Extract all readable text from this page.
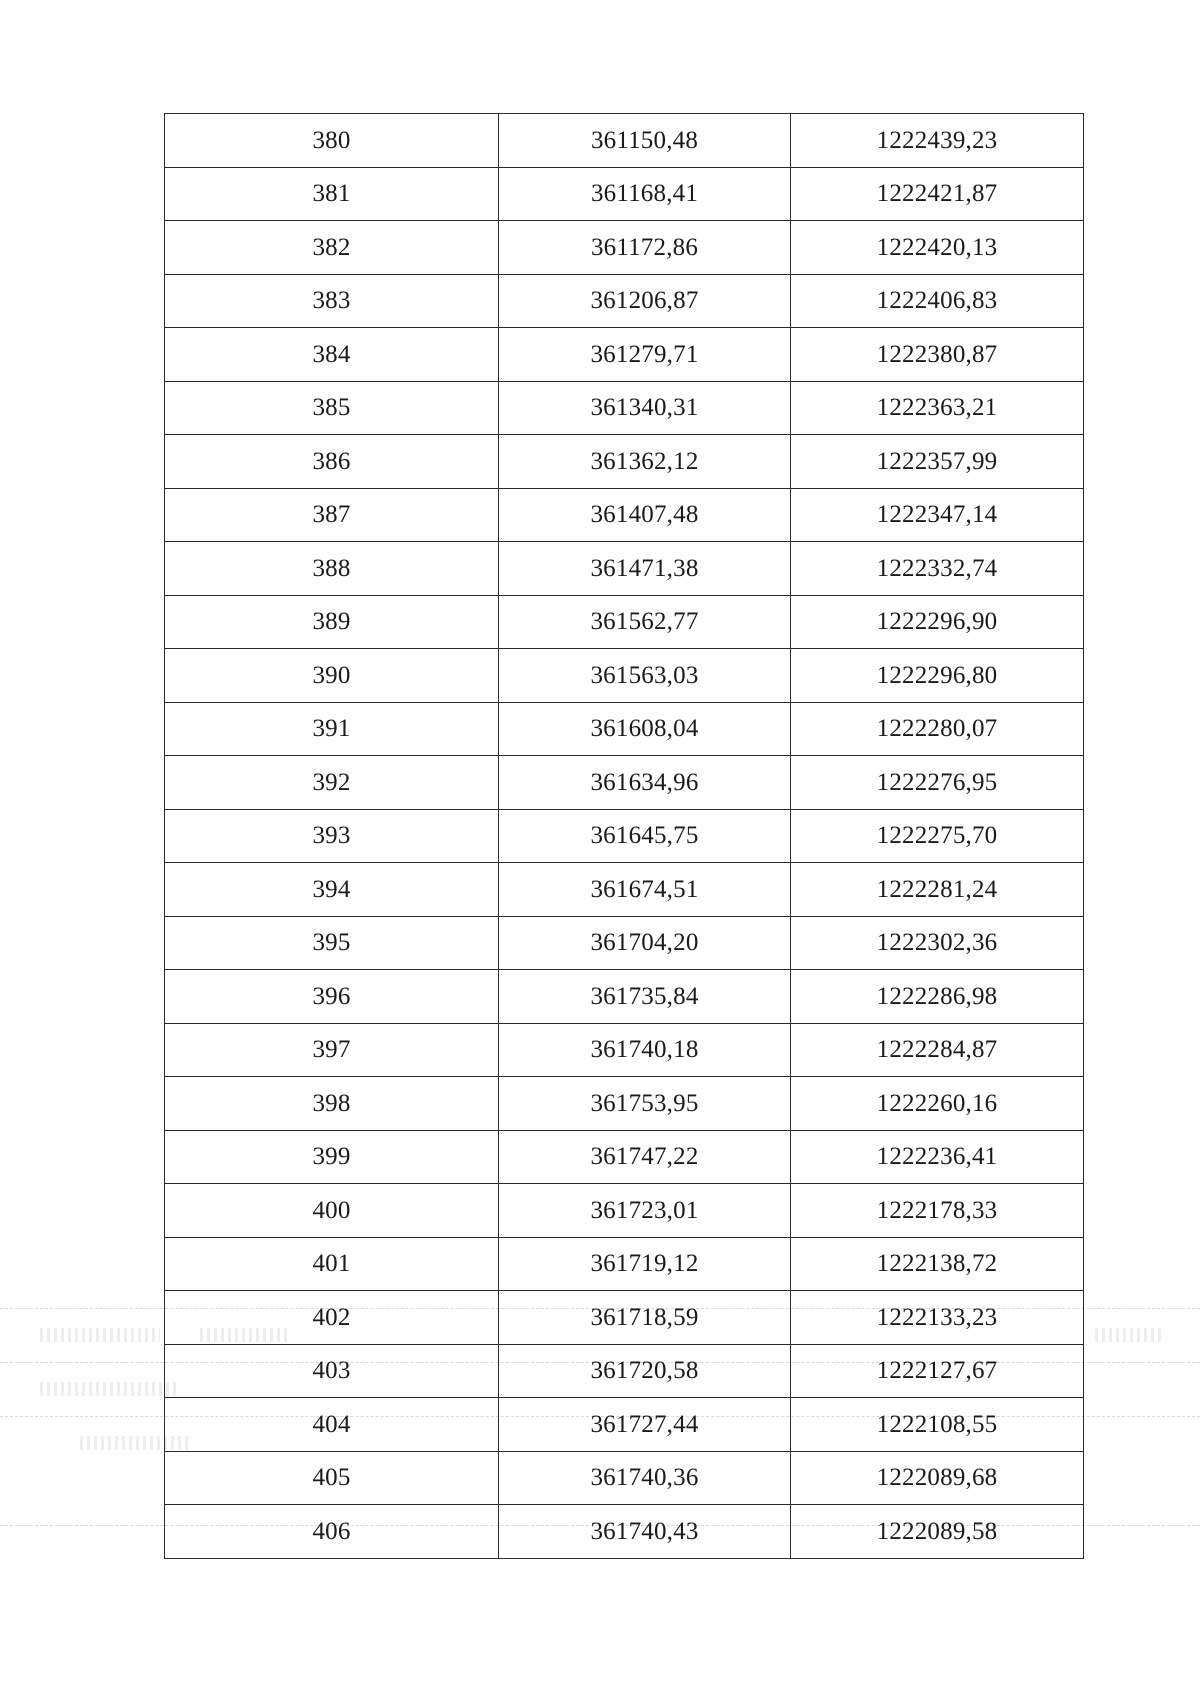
380	361150,48	1222439,23
381	361168,41	1222421,87
382	361172,86	1222420,13
383	361206,87	1222406,83
384	361279,71	1222380,87
385	361340,31	1222363,21
386	361362,12	1222357,99
387	361407,48	1222347,14
388	361471,38	1222332,74
389	361562,77	1222296,90
390	361563,03	1222296,80
391	361608,04	1222280,07
392	361634,96	1222276,95
393	361645,75	1222275,70
394	361674,51	1222281,24
395	361704,20	1222302,36
396	361735,84	1222286,98
397	361740,18	1222284,87
398	361753,95	1222260,16
399	361747,22	1222236,41
400	361723,01	1222178,33
401	361719,12	1222138,72
402	361718,59	1222133,23
403	361720,58	1222127,67
404	361727,44	1222108,55
405	361740,36	1222089,68
406	361740,43	1222089,58
